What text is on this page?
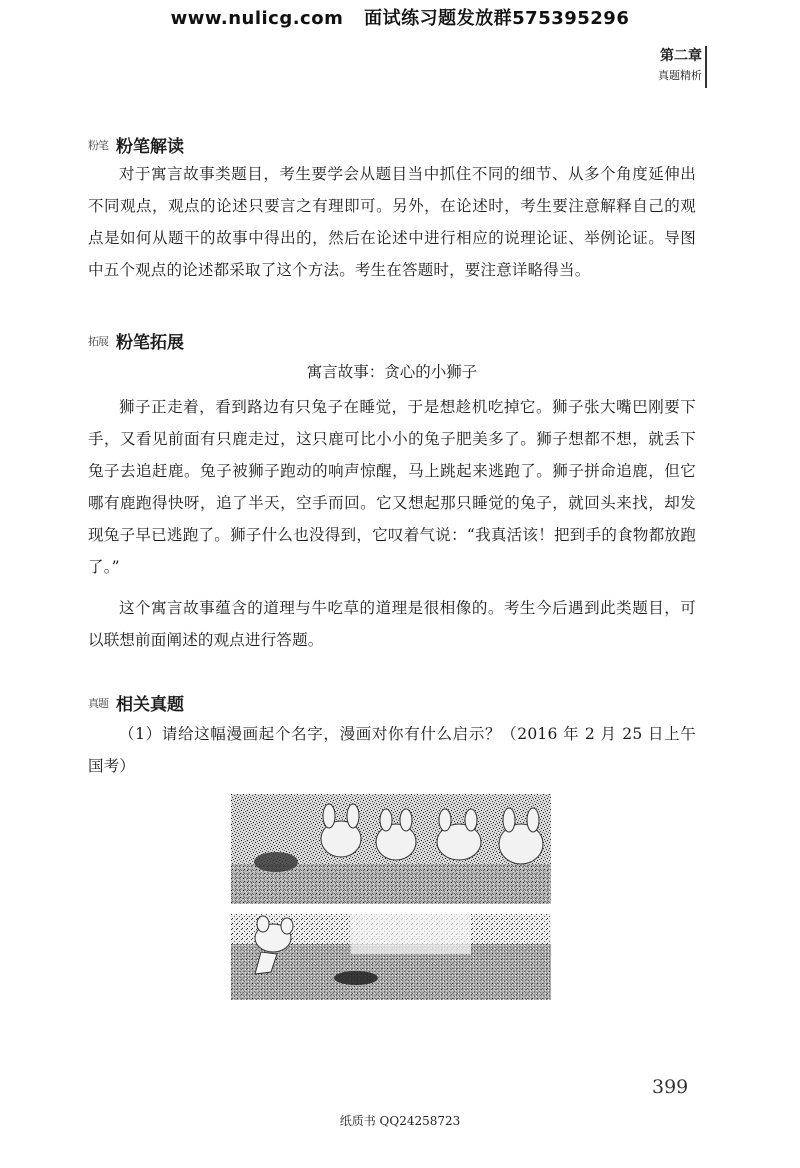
www.nulicg.com 面试练习题发放群575395296
第二章
真题精析
粉笔 粉笔解读
对于寓言故事类题目，考生要学会从题目当中抓住不同的细节、从多个角度延伸出不同观点，观点的论述只要言之有理即可。另外，在论述时，考生要注意解释自己的观点是如何从题干的故事中得出的，然后在论述中进行相应的说理论证、举例论证。导图中五个观点的论述都采取了这个方法。考生在答题时，要注意详略得当。
拓展 粉笔拓展
寓言故事：贪心的小狮子
狮子正走着，看到路边有只兔子在睡觉，于是想趁机吃掉它。狮子张大嘴巴刚要下手，又看见前面有只鹿走过，这只鹿可比小小的兔子肥美多了。狮子想都不想，就丢下兔子去追赶鹿。兔子被狮子跑动的响声惊醒，马上跳起来逃跑了。狮子拼命追鹿，但它哪有鹿跑得快呀，追了半天，空手而回。它又想起那只睡觉的兔子，就回头来找，却发现兔子早已逃跑了。狮子什么也没得到，它叹着气说：“我真活该！把到手的食物都放跑了。”
这个寓言故事蕴含的道理与牛吃草的道理是很相像的。考生今后遇到此类题目，可以联想前面阐述的观点进行答题。
真题 相关真题
（1）请给这幅漫画起个名字，漫画对你有什么启示？（2016 年 2 月 25 日上午国考）
399
纸质书 QQ24258723
